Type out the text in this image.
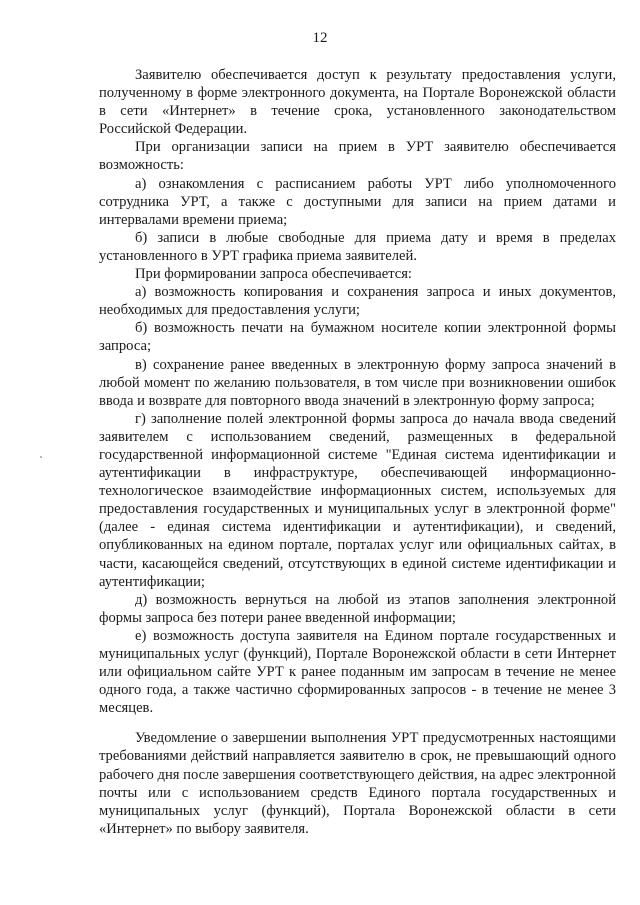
12

Заявителю обеспечивается доступ к результату предоставления услуги, полученному в форме электронного документа, на Портале Воронежской области в сети «Интернет» в течение срока, установленного законодательством Российской Федерации.

При организации записи на прием в УРТ заявителю обеспечивается возможность:

а) ознакомления с расписанием работы УРТ либо уполномоченного сотрудника УРТ, а также с доступными для записи на прием датами и интервалами времени приема;

б) записи в любые свободные для приема дату и время в пределах установленного в УРТ графика приема заявителей.

При формировании запроса обеспечивается:

а) возможность копирования и сохранения запроса и иных документов, необходимых для предоставления услуги;

б) возможность печати на бумажном носителе копии электронной формы запроса;

в) сохранение ранее введенных в электронную форму запроса значений в любой момент по желанию пользователя, в том числе при возникновении ошибок ввода и возврате для повторного ввода значений в электронную форму запроса;

г) заполнение полей электронной формы запроса до начала ввода сведений заявителем с использованием сведений, размещенных в федеральной государственной информационной системе "Единая система идентификации и аутентификации в инфраструктуре, обеспечивающей информационно-технологическое взаимодействие информационных систем, используемых для предоставления государственных и муниципальных услуг в электронной форме" (далее - единая система идентификации и аутентификации), и сведений, опубликованных на едином портале, порталах услуг или официальных сайтах, в части, касающейся сведений, отсутствующих в единой системе идентификации и аутентификации;

д) возможность вернуться на любой из этапов заполнения электронной формы запроса без потери ранее введенной информации;

е) возможность доступа заявителя на Едином портале государственных и муниципальных услуг (функций), Портале Воронежской области в сети Интернет или официальном сайте УРТ к ранее поданным им запросам в течение не менее одного года, а также частично сформированных запросов - в течение не менее 3 месяцев.

Уведомление о завершении выполнения УРТ предусмотренных настоящими требованиями действий направляется заявителю в срок, не превышающий одного рабочего дня после завершения соответствующего действия, на адрес электронной почты или с использованием средств Единого портала государственных и муниципальных услуг (функций), Портала Воронежской области в сети «Интернет» по выбору заявителя.
